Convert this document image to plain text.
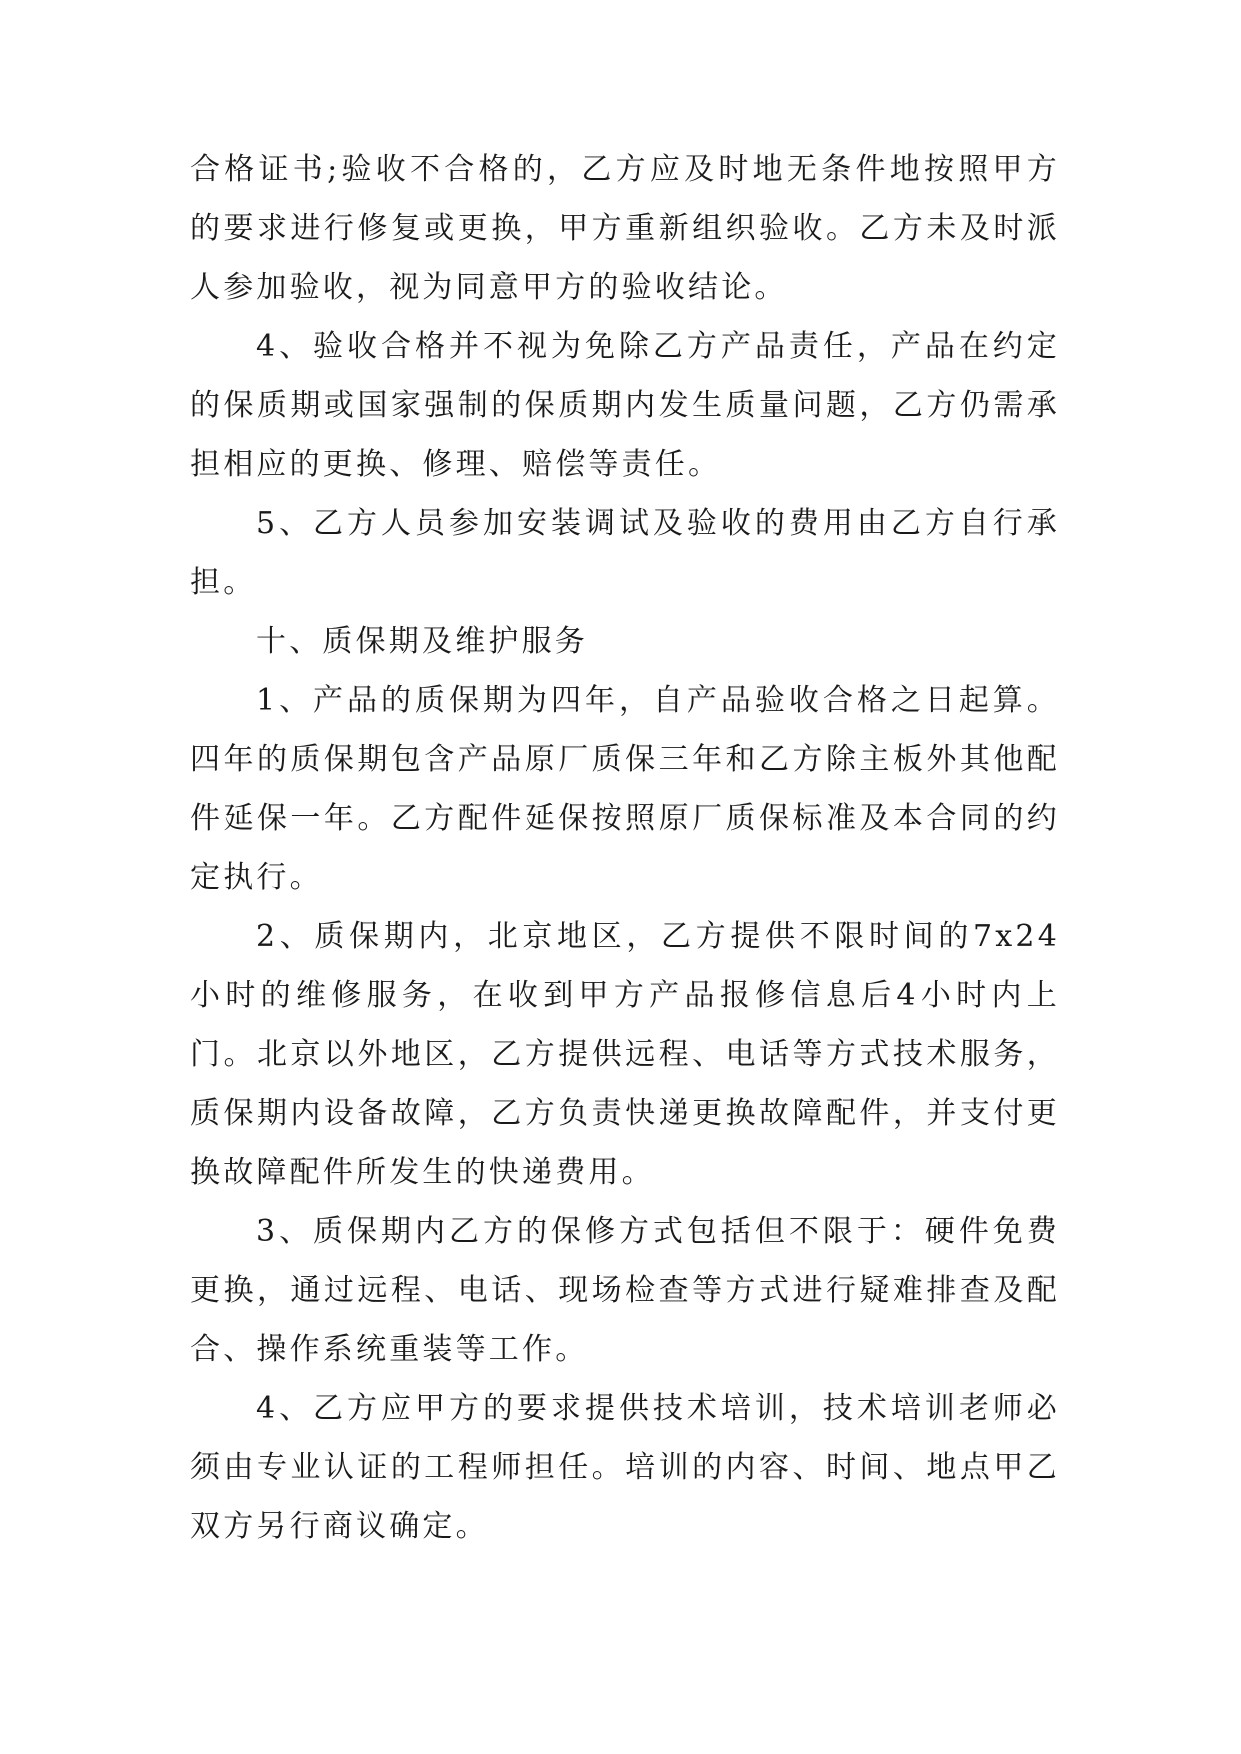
合格证书;验收不合格的，乙方应及时地无条件地按照甲方的要求进行修复或更换，甲方重新组织验收。乙方未及时派人参加验收，视为同意甲方的验收结论。

4、验收合格并不视为免除乙方产品责任，产品在约定的保质期或国家强制的保质期内发生质量问题，乙方仍需承担相应的更换、修理、赔偿等责任。

5、乙方人员参加安装调试及验收的费用由乙方自行承担。

十、质保期及维护服务

1、产品的质保期为四年，自产品验收合格之日起算。四年的质保期包含产品原厂质保三年和乙方除主板外其他配件延保一年。乙方配件延保按照原厂质保标准及本合同的约定执行。

2、质保期内，北京地区，乙方提供不限时间的7x24小时的维修服务，在收到甲方产品报修信息后4小时内上门。北京以外地区，乙方提供远程、电话等方式技术服务，质保期内设备故障，乙方负责快递更换故障配件，并支付更换故障配件所发生的快递费用。

3、质保期内乙方的保修方式包括但不限于：硬件免费更换，通过远程、电话、现场检查等方式进行疑难排查及配合、操作系统重装等工作。

4、乙方应甲方的要求提供技术培训，技术培训老师必须由专业认证的工程师担任。培训的内容、时间、地点甲乙双方另行商议确定。
